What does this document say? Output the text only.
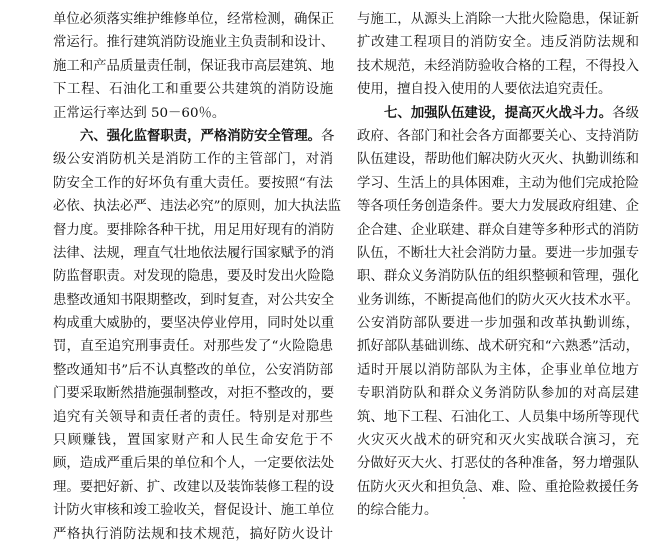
单位必须落实维护维修单位，经常检测，确保正
常运行。推行建筑消防设施业主负责制和设计、
施工和产品质量责任制，保证我市高层建筑、地
下工程、石油化工和重要公共建筑的消防设施
正常运行率达到 50－60％。
六、强化监督职责，严格消防安全管理。各
级公安消防机关是消防工作的主管部门，对消
防安全工作的好坏负有重大责任。要按照“有法
必依、执法必严、违法必究”的原则，加大执法监
督力度。要排除各种干扰，用足用好现有的消防
法律、法规，理直气壮地依法履行国家赋予的消
防监督职责。对发现的隐患，要及时发出火险隐
患整改通知书限期整改，到时复查，对公共安全
构成重大威胁的，要坚决停业停用，同时处以重
罚，直至追究刑事责任。对那些发了“火险隐患
整改通知书”后不认真整改的单位，公安消防部
门要采取断然措施强制整改，对拒不整改的，要
追究有关领导和责任者的责任。特别是对那些
只顾赚钱，置国家财产和人民生命安危于不
顾，造成严重后果的单位和个人，一定要依法处
理。要把好新、扩、改建以及装饰装修工程的设
计防火审核和竣工验收关，督促设计、施工单位
严格执行消防法规和技术规范，搞好防火设计
与施工，从源头上消除一大批火险隐患，保证新
扩改建工程项目的消防安全。违反消防法规和
技术规范，未经消防验收合格的工程，不得投入
使用，擅自投入使用的人要依法追究责任。
七、加强队伍建设，提高灭火战斗力。各级
政府、各部门和社会各方面都要关心、支持消防
队伍建设，帮助他们解决防火灭火、执勤训练和
学习、生活上的具体困难，主动为他们完成抢险
等各项任务创造条件。要大力发展政府组建、企
企合建、企业联建、群众自建等多种形式的消防
队伍，不断壮大社会消防力量。要进一步加强专
职、群众义务消防队伍的组织整顿和管理，强化
业务训练，不断提高他们的防火灭火技术水平。
公安消防部队要进一步加强和改革执勤训练，
抓好部队基础训练、战术研究和“六熟悉”活动，
适时开展以消防部队为主体，企事业单位地方
专职消防队和群众义务消防队参加的对高层建
筑、地下工程、石油化工、人员集中场所等现代
火灾灭火战术的研究和灭火实战联合演习，充
分做好灭大火、打恶仗的各种准备，努力增强队
伍防火灭火和担负急、难、险、重抢险救援任务
的综合能力。
